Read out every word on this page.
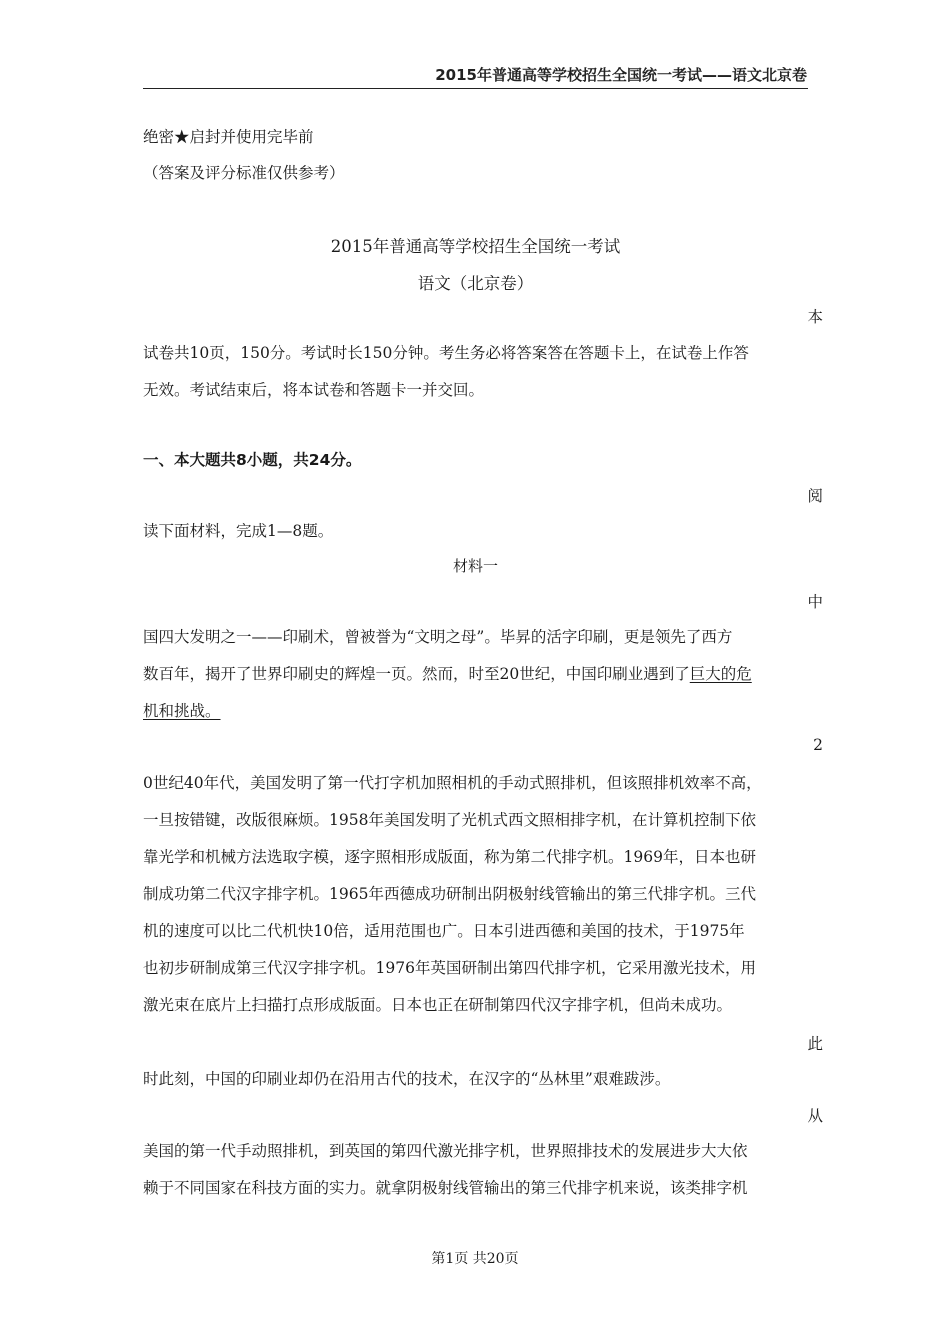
2015年普通高等学校招生全国统一考试——语文北京卷
绝密★启封并使用完毕前
（答案及评分标准仅供参考）
2015年普通高等学校招生全国统一考试
语文（北京卷）
本
试卷共10页，150分。考试时长150分钟。考生务必将答案答在答题卡上，在试卷上作答
无效。考试结束后，将本试卷和答题卡一并交回。
一、本大题共8小题，共24分。
阅
读下面材料，完成1—8题。
材料一
中
国四大发明之一——印刷术，曾被誉为“文明之母”。毕昇的活字印刷，更是领先了西方
数百年，揭开了世界印刷史的辉煌一页。然而，时至20世纪，中国印刷业遇到了巨大的危
机和挑战。
2
0世纪40年代，美国发明了第一代打字机加照相机的手动式照排机，但该照排机效率不高，
一旦按错键，改版很麻烦。1958年美国发明了光机式西文照相排字机，在计算机控制下依
靠光学和机械方法选取字模，逐字照相形成版面，称为第二代排字机。1969年，日本也研
制成功第二代汉字排字机。1965年西德成功研制出阴极射线管输出的第三代排字机。三代
机的速度可以比二代机快10倍，适用范围也广。日本引进西德和美国的技术，于1975年
也初步研制成第三代汉字排字机。1976年英国研制出第四代排字机，它采用激光技术，用
激光束在底片上扫描打点形成版面。日本也正在研制第四代汉字排字机，但尚未成功。
此
时此刻，中国的印刷业却仍在沿用古代的技术，在汉字的“丛林里”艰难跋涉。
从
美国的第一代手动照排机，到英国的第四代激光排字机，世界照排技术的发展进步大大依
赖于不同国家在科技方面的实力。就拿阴极射线管输出的第三代排字机来说，该类排字机
第1页 共20页
